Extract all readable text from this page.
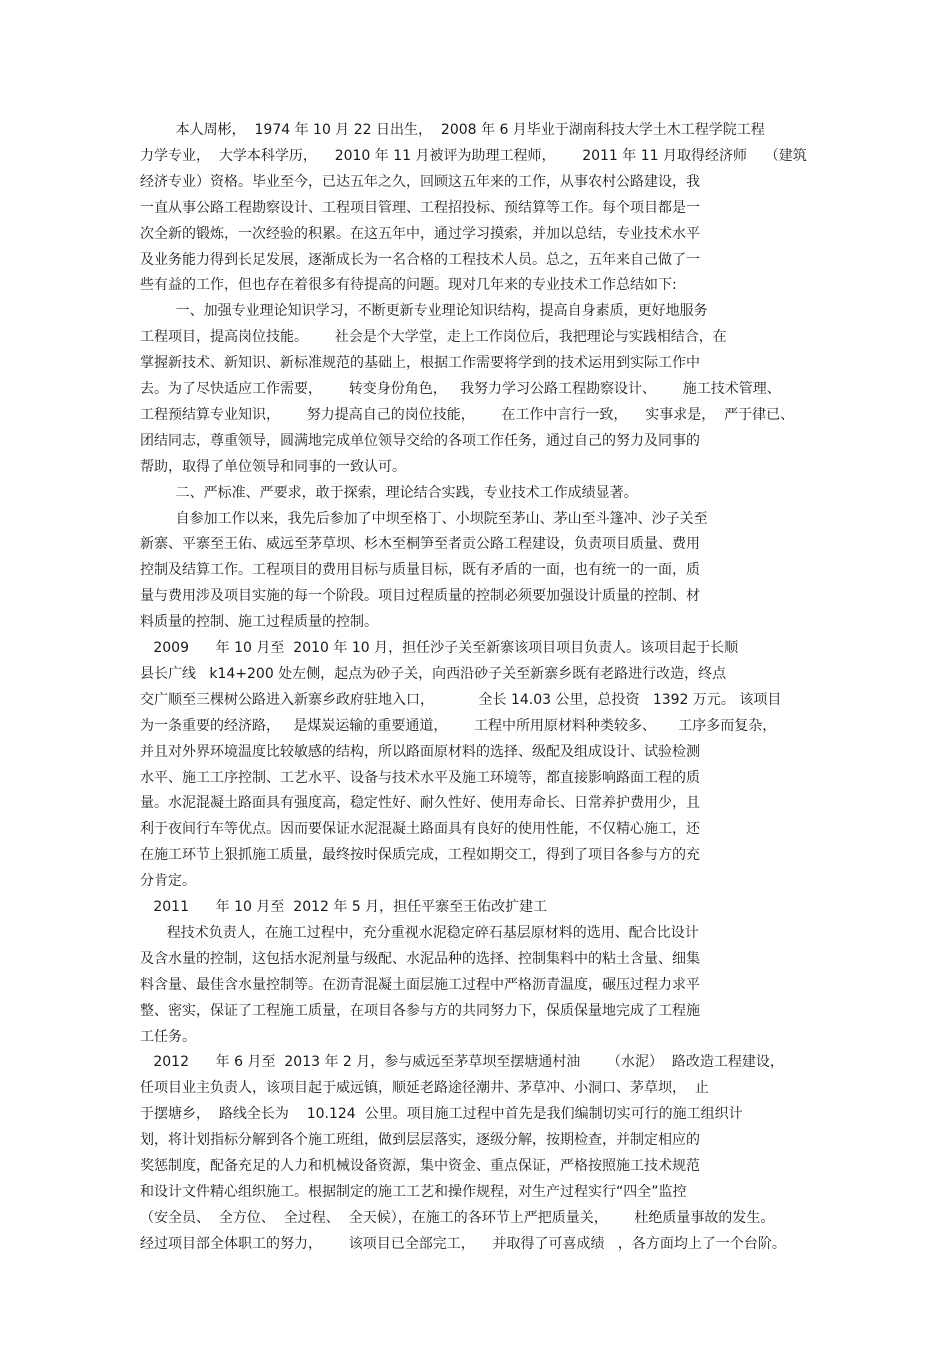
本人周彬，  1974 年 10 月 22 日出生，  2008 年 6 月毕业于湖南科技大学土木工程学院工程
力学专业，  大学本科学历，    2010 年 11 月被评为助理工程师，      2011 年 11 月取得经济师    （建筑
经济专业）资格。毕业至今，已达五年之久，回顾这五年来的工作，从事农村公路建设，我
一直从事公路工程勘察设计、工程项目管理、工程招投标、预结算等工作。每个项目都是一
次全新的锻炼，一次经验的积累。在这五年中，通过学习摸索，并加以总结，专业技术水平
及业务能力得到长足发展，逐渐成长为一名合格的工程技术人员。总之，五年来自己做了一
些有益的工作，但也存在着很多有待提高的问题。现对几年来的专业技术工作总结如下:
一、加强专业理论知识学习，不断更新专业理论知识结构，提高自身素质，更好地服务
工程项目，提高岗位技能。      社会是个大学堂，走上工作岗位后，我把理论与实践相结合，在
掌握新技术、新知识、新标准规范的基础上，根据工作需要将学到的技术运用到实际工作中
去。为了尽快适应工作需要，      转变身份角色，   我努力学习公路工程勘察设计、      施工技术管理、
工程预结算专业知识，      努力提高自己的岗位技能，      在工作中言行一致，    实事求是，  严于律已、
团结同志，尊重领导，圆满地完成单位领导交给的各项工作任务，通过自己的努力及同事的
帮助，取得了单位领导和同事的一致认可。
二、严标准、严要求，敢于探索，理论结合实践，专业技术工作成绩显著。
自参加工作以来，我先后参加了中坝至格丁、小坝院至茅山、茅山至斗篷冲、沙子关至
新寨、平寨至王佑、威远至茅草坝、杉木至桐笋至者贡公路工程建设，负责项目质量、费用
控制及结算工作。工程项目的费用目标与质量目标，既有矛盾的一面，也有统一的一面，质
量与费用涉及项目实施的每一个阶段。项目过程质量的控制必须要加强设计质量的控制、材
料质量的控制、施工过程质量的控制。
2009      年 10 月至  2010 年 10 月，担任沙子关至新寨该项目项目负责人。该项目起于长顺
县长广线   k14+200 处左侧，起点为砂子关，向西沿砂子关至新寨乡既有老路进行改造，终点
交广顺至三棵树公路进入新寨乡政府驻地入口，          全长 14.03 公里，总投资   1392 万元。 该项目
为一条重要的经济路，   是煤炭运输的重要通道，      工程中所用原材料种类较多、     工序多而复杂，
并且对外界环境温度比较敏感的结构，所以路面原材料的选择、级配及组成设计、试验检测
水平、施工工序控制、工艺水平、设备与技术水平及施工环境等，都直接影响路面工程的质
量。水泥混凝土路面具有强度高，稳定性好、耐久性好、使用寿命长、日常养护费用少，且
利于夜间行车等优点。因而要保证水泥混凝土路面具有良好的使用性能，不仅精心施工，还
在施工环节上狠抓施工质量，最终按时保质完成，工程如期交工，得到了项目各参与方的充
分肯定。
2011      年 10 月至  2012 年 5 月，担任平寨至王佑改扩建工
程技术负责人，在施工过程中，充分重视水泥稳定碎石基层原材料的选用、配合比设计
及含水量的控制，这包括水泥剂量与级配、水泥品种的选择、控制集料中的粘土含量、细集
料含量、最佳含水量控制等。在沥青混凝土面层施工过程中严格沥青温度，碾压过程力求平
整、密实，保证了工程施工质量，在项目各参与方的共同努力下，保质保量地完成了工程施
工任务。
2012      年 6 月至  2013 年 2 月，参与威远至茅草坝至摆塘通村油      （水泥）  路改造工程建设，
任项目业主负责人，该项目起于威远镇，顺延老路途径潮井、茅草冲、小洞口、茅草坝，  止
于摆塘乡，  路线全长为    10.124  公里。项目施工过程中首先是我们编制切实可行的施工组织计
划，将计划指标分解到各个施工班组，做到层层落实，逐级分解，按期检查，并制定相应的
奖惩制度，配备充足的人力和机械设备资源，集中资金、重点保证，严格按照施工技术规范
和设计文件精心组织施工。根据制定的施工工艺和操作规程，对生产过程实行“四全”监控
（安全员、  全方位、  全过程、  全天候），在施工的各环节上严把质量关，      杜绝质量事故的发生。
经过项目部全体职工的努力，      该项目已全部完工，    并取得了可喜成绩   ，各方面均上了一个台阶。
